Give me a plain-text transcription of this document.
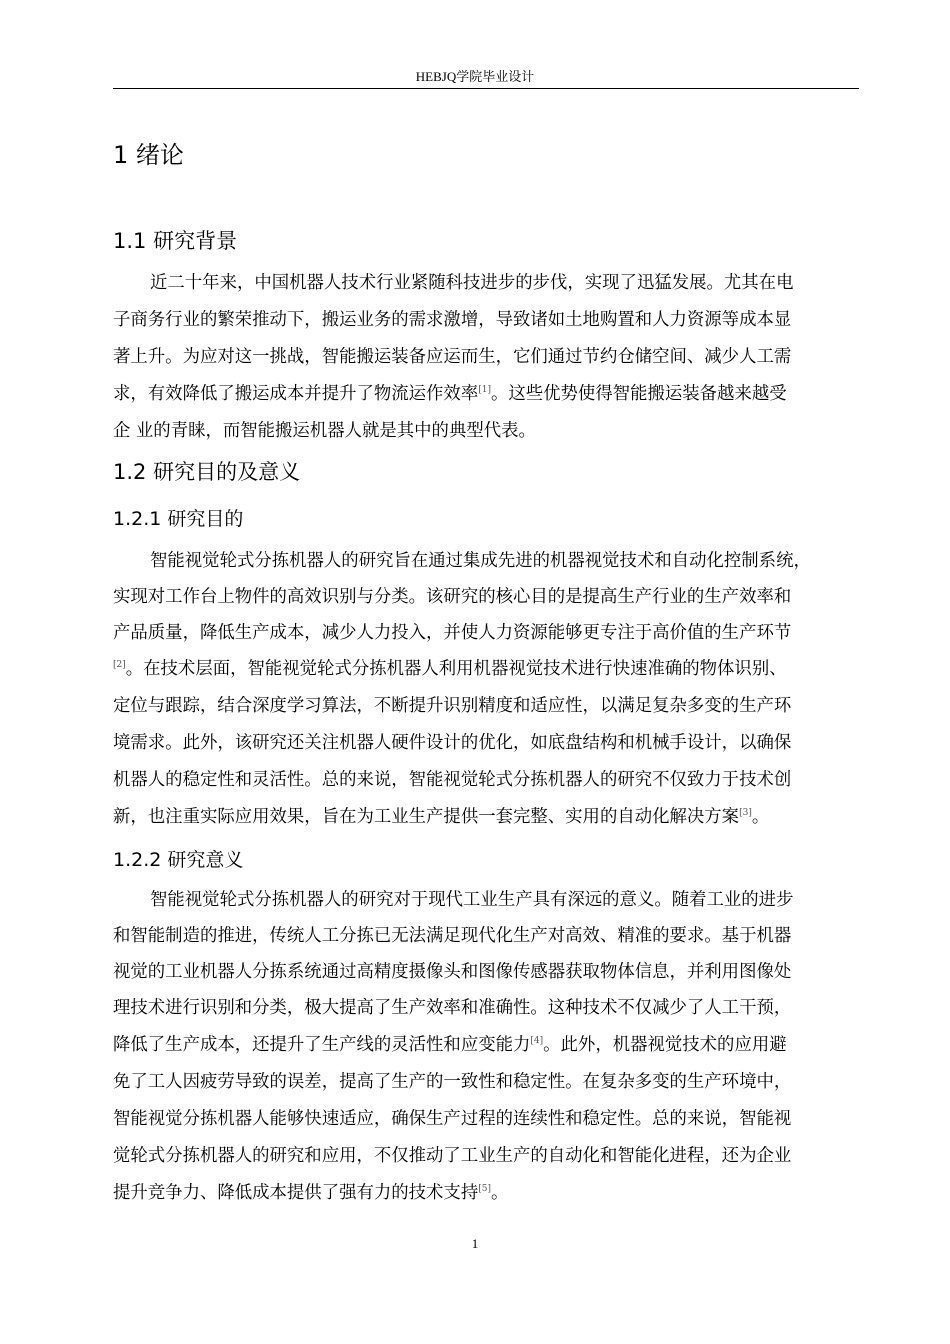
HEBJQ学院毕业设计
1 绪论
1.1 研究背景
近二十年来，中国机器人技术行业紧随科技进步的步伐，实现了迅猛发展。尤其在电
子商务行业的繁荣推动下，搬运业务的需求激增，导致诸如土地购置和人力资源等成本显
著上升。为应对这一挑战，智能搬运装备应运而生，它们通过节约仓储空间、减少人工需
求，有效降低了搬运成本并提升了物流运作效率[1]。这些优势使得智能搬运装备越来越受
企 业的青睐，而智能搬运机器人就是其中的典型代表。
1.2 研究目的及意义
1.2.1 研究目的
智能视觉轮式分拣机器人的研究旨在通过集成先进的机器视觉技术和自动化控制系统，
实现对工作台上物件的高效识别与分类。该研究的核心目的是提高生产行业的生产效率和
产品质量，降低生产成本，减少人力投入，并使人力资源能够更专注于高价值的生产环节
[2]。在技术层面，智能视觉轮式分拣机器人利用机器视觉技术进行快速准确的物体识别、
定位与跟踪，结合深度学习算法，不断提升识别精度和适应性，以满足复杂多变的生产环
境需求。此外，该研究还关注机器人硬件设计的优化，如底盘结构和机械手设计，以确保
机器人的稳定性和灵活性。总的来说，智能视觉轮式分拣机器人的研究不仅致力于技术创
新，也注重实际应用效果，旨在为工业生产提供一套完整、实用的自动化解决方案[3]。
1.2.2 研究意义
智能视觉轮式分拣机器人的研究对于现代工业生产具有深远的意义。随着工业的进步
和智能制造的推进，传统人工分拣已无法满足现代化生产对高效、精准的要求。基于机器
视觉的工业机器人分拣系统通过高精度摄像头和图像传感器获取物体信息，并利用图像处
理技术进行识别和分类，极大提高了生产效率和准确性。这种技术不仅减少了人工干预，
降低了生产成本，还提升了生产线的灵活性和应变能力[4]。此外，机器视觉技术的应用避
免了工人因疲劳导致的误差，提高了生产的一致性和稳定性。在复杂多变的生产环境中，
智能视觉分拣机器人能够快速适应，确保生产过程的连续性和稳定性。总的来说，智能视
觉轮式分拣机器人的研究和应用，不仅推动了工业生产的自动化和智能化进程，还为企业
提升竞争力、降低成本提供了强有力的技术支持[5]。
1
